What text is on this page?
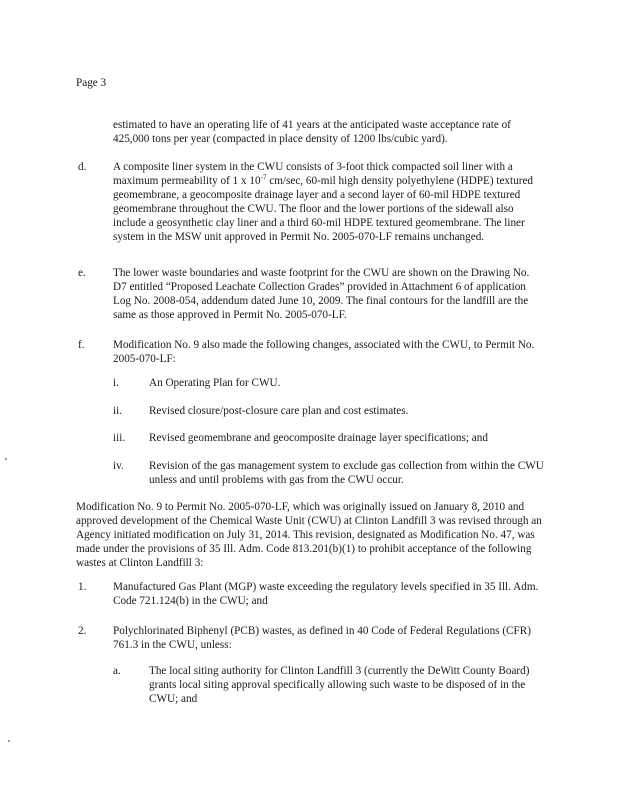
Page 3
estimated to have an operating life of 41 years at the anticipated waste acceptance rate of 425,000 tons per year (compacted in place density of 1200 lbs/cubic yard).
d. A composite liner system in the CWU consists of 3-foot thick compacted soil liner with a maximum permeability of 1 x $10^{-7}$ cm/sec, 60-mil high density polyethylene (HDPE) textured geomembrane, a geocomposite drainage layer and a second layer of 60-mil HDPE textured geomembrane throughout the CWU. The floor and the lower portions of the sidewall also include a geosynthetic clay liner and a third 60-mil HDPE textured geomembrane. The liner system in the MSW unit approved in Permit No. 2005-070-LF remains unchanged.
e. The lower waste boundaries and waste footprint for the CWU are shown on the Drawing No. D7 entitled “Proposed Leachate Collection Grades” provided in Attachment 6 of application Log No. 2008-054, addendum dated June 10, 2009. The final contours for the landfill are the same as those approved in Permit No. 2005-070-LF.
f.	Modification No. 9 also made the following changes, associated with the CWU, to Permit No. 2005-070-LF:
i.	An Operating Plan for CWU.
ii. Revised closure/post-closure care plan and cost estimates.
iii. Revised geomembrane and geocomposite drainage layer specifications; and
iv. Revision of the gas management system to exclude gas collection from within the CWU unless and until problems with gas from the CWU occur.
Modification No. 9 to Permit No. 2005-070-LF, which was originally issued on January 8, 2010 and approved development of the Chemical Waste Unit (CWU) at Clinton Landfill 3 was revised through an Agency initiated modification on July 31, 2014. This revision, designated as Modification No. 47, was made under the provisions of 35 Ill. Adm. Code 813.201(b)(1) to prohibit acceptance of the following wastes at Clinton Landfill 3:
1. Manufactured Gas Plant (MGP) waste exceeding the regulatory levels specified in 35 Ill. Adm. Code 721.124(b) in the CWU; and
2. Polychlorinated Biphenyl (PCB) wastes, as defined in 40 Code of Federal Regulations (CFR) 761.3 in the CWU, unless:
a.	The local siting authority for Clinton Landfill 3 (currently the DeWitt County Board) grants local siting approval specifically allowing such waste to be disposed of in the CWU; and
